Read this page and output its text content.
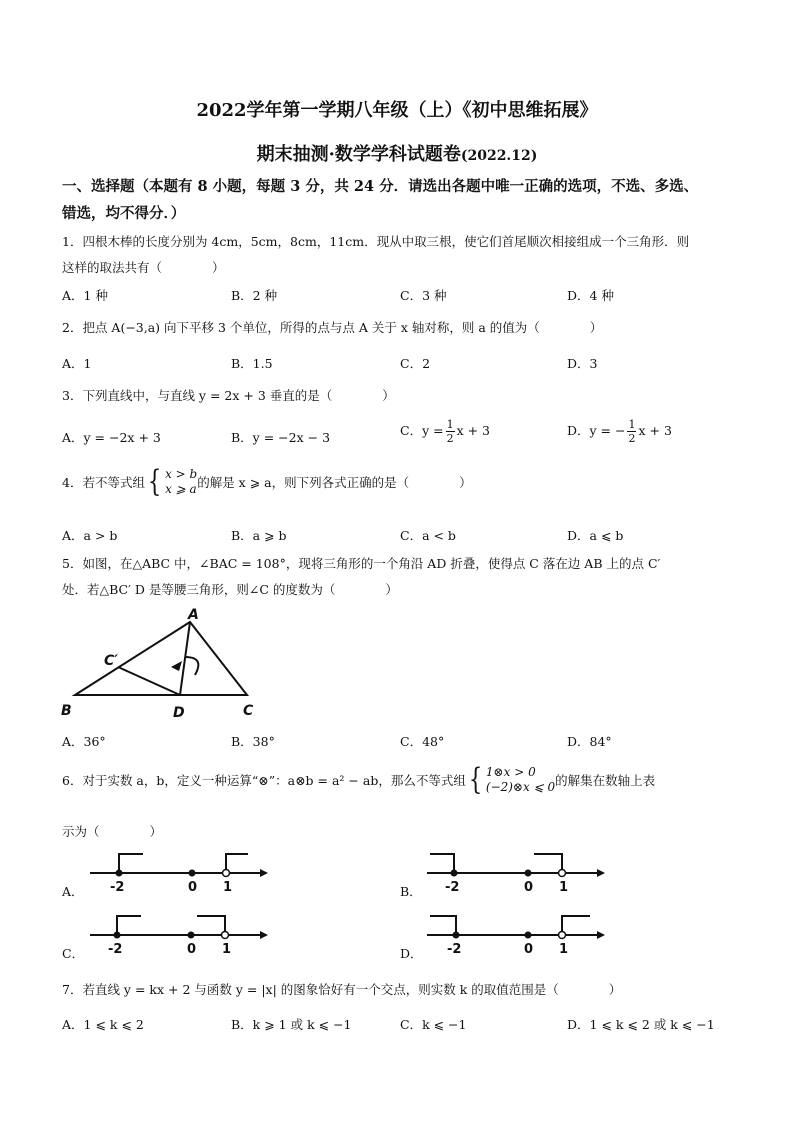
2022学年第一学期八年级（上）《初中思维拓展》
期末抽测·数学学科试题卷(2022.12)
一、选择题（本题有 8 小题，每题 3 分，共 24 分．请选出各题中唯一正确的选项，不选、多选、
错选，均不得分．）
1．四根木棒的长度分别为 4cm，5cm，8cm，11cm．现从中取三根，使它们首尾顺次相接组成一个三角形．则
这样的取法共有（　　　　）
A．1 种	B．2 种	C．3 种	D．4 种
2．把点 A(−3,a) 向下平移 3 个单位，所得的点与点 A 关于 x 轴对称，则 a 的值为（　　　　）
A．1	B．1.5	C．2	D．3
3．下列直线中，与直线 y = 2x + 3 垂直的是（　　　　）
A．y = −2x + 3	B．y = −2x − 3	C．$y = \frac{1}{2}$ x + 3	D．y = − $\frac{1}{2}$ x + 3
4．若不等式组{ x > b
x ⩾ a 的解是 x ⩾ a，则下列各式正确的是（　　　　）
A．a > b	B．a ⩾ b	C．a < b	D．a ⩽ b
5．如图，在△ABC 中，∠BAC = 108°，现将三角形的一个角沿 AD 折叠，使得点 C 落在边 AB 上的点 C′
处．若△BC′ D 是等腰三角形，则∠C 的度数为（　　　　）
A
B	C
C′
D
A．36°	B．38°	C．48°	D．84°
6．对于实数 a，b，定义一种运算“⊗”：a⊗b = a² − ab，那么不等式组{ 1⊗x > 0
(−2)⊗x ⩽ 0 的解集在数轴上表
示为（　　　　）
A． -2	0 1	B． -2	0 1
C． -2	0 1	D． -2	0 1
7．若直线 y = kx + 2 与函数 y = |x| 的图象恰好有一个交点，则实数 k 的取值范围是（　　　　）
A．1 ⩽ k ⩽ 2	B．k ⩾ 1 或 k ⩽ −1	C．k ⩽ −1	D．1 ⩽ k ⩽ 2 或 k ⩽ −1
